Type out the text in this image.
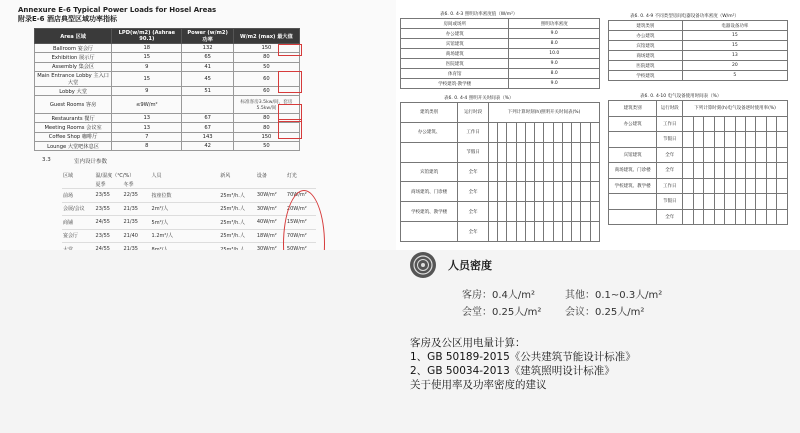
Annexure E-6 Typical Power Loads for Hosel Areas
附录E-6 酒店典型区域功率指标
Area 区域	LPD(w/m2) (Ashrae 90.1)	Power (w/m2) 功率	W/m2 (max) 最大值
Ballroom 宴会厅	18	132	150
Exhibition 展示厅	15	65	80
Assembly 集会区	9	41	50
Main Entrance Lobby 主入口大堂	15	45	60
Lobby 大堂	9	51	60
Guest Rooms 客房	≤9W/m²		标准客房3.5kw/间，套房5.5kw/间
Restaurants 餐厅	13	67	80
Meeting Rooms 会议室	13	67	80
Coffee Shop 咖啡厅	7	143	150
Lounge 大堂吧休息区	8	42	50
3.3	室内设计参数
区域	温/湿度（℃/%）		人员	新风	设备	灯光
	夏季	冬季				
前场	23/55	22/35	按座位数	25m³/h.人	30W/m²	70W/m²
会展/会议	23/55	21/35	2m²/人	25m³/h.人	30W/m²	20W/m²
商铺	24/55	21/35	5m²/人	25m³/h.人	40W/m²	15W/m²
宴会厅	23/55	21/40	1.2m²/人	25m³/h.人	18W/m²	70W/m²

表6. 0. 4-3 照明功率密度值（W/m²）
房间或场所	照明功率密度
办公建筑	9.0
宾馆建筑	8.0
商场建筑	10.0
医院建筑	9.0
体育馆	8.0
学校建筑·教学楼	9.0
表6. 0. 4-4 照明开关时间表（%）
建筑类别	运行时段	下列计算时刻(h)照明开关时间表(%)											
办公建筑、	工作日												
	节假日												
宾馆建筑	全年												
商场建筑、门诊楼	全年												
学校建筑、教学楼	全年												
	全年												
表6. 0. 4-9 不同类型房间电器设备功率密度（W/m²）
建筑类别	电器设备功率
办公建筑	15
宾馆建筑	15
商场建筑	13
医院建筑	20
学校建筑	5
表6. 0. 4-10 电气设备使用时间表（%）
建筑类别	运行时段	下列计算时刻(h)电气设备逐时使用率(%)									
办公建筑	工作日										
	节假日										
宾馆建筑	全年										
商场建筑、门诊楼	全年										
学校建筑、教学楼	工作日										
	节假日										
	全年										
人员密度
客房：0.4人/m²	其他：0.1~0.3人/m²
会堂：0.25人/m² 会议：0.25人/m²
客房及公区用电量计算：
1、GB 50189-2015《公共建筑节能设计标准》
2、GB 50034-2013《建筑照明设计标准》
关于使用率及功率密度的建议
